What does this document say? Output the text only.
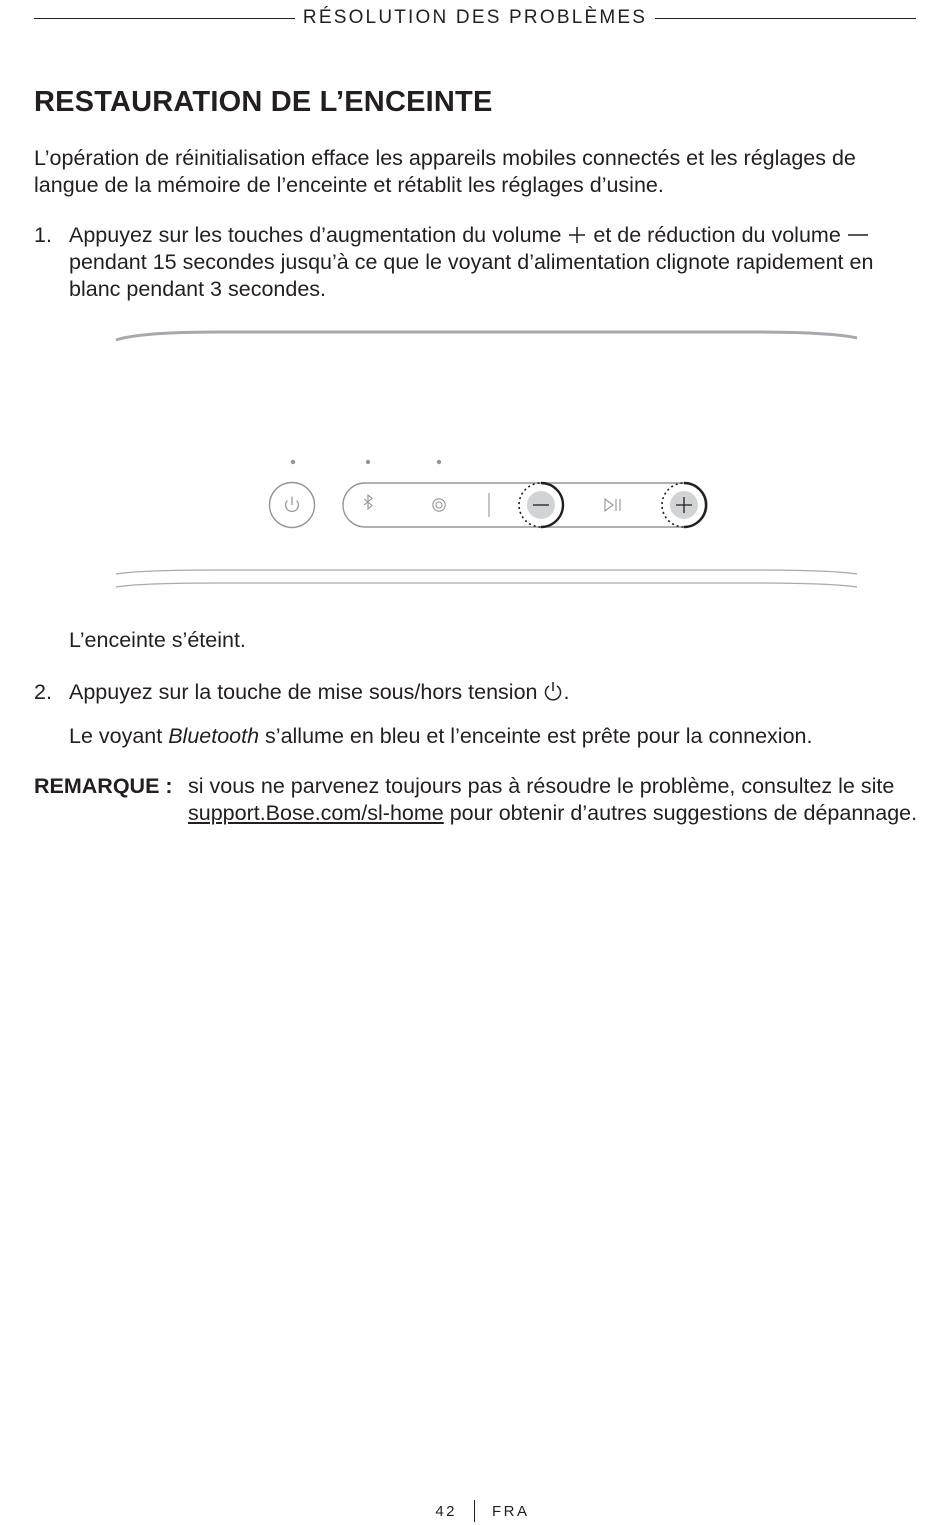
RÉSOLUTION DES PROBLÈMES
RESTAURATION DE L’ENCEINTE

L’opération de réinitialisation efface les appareils mobiles connectés et les réglages de langue de la mémoire de l’enceinte et rétablit les réglages d’usine.

1. Appuyez sur les touches d’augmentation du volume  et de réduction du volume  pendant 15 secondes jusqu’à ce que le voyant d’alimentation clignote rapidement en blanc pendant 3 secondes.
L’enceinte s’éteint.
2. Appuyez sur la touche de mise sous/hors tension .
Le voyant Bluetooth s’allume en bleu et l’enceinte est prête pour la connexion.
REMARQUE : si vous ne parvenez toujours pas à résoudre le problème, consultez le site support.Bose.com/sl-home pour obtenir d’autres suggestions de dépannage.
42 FRA
